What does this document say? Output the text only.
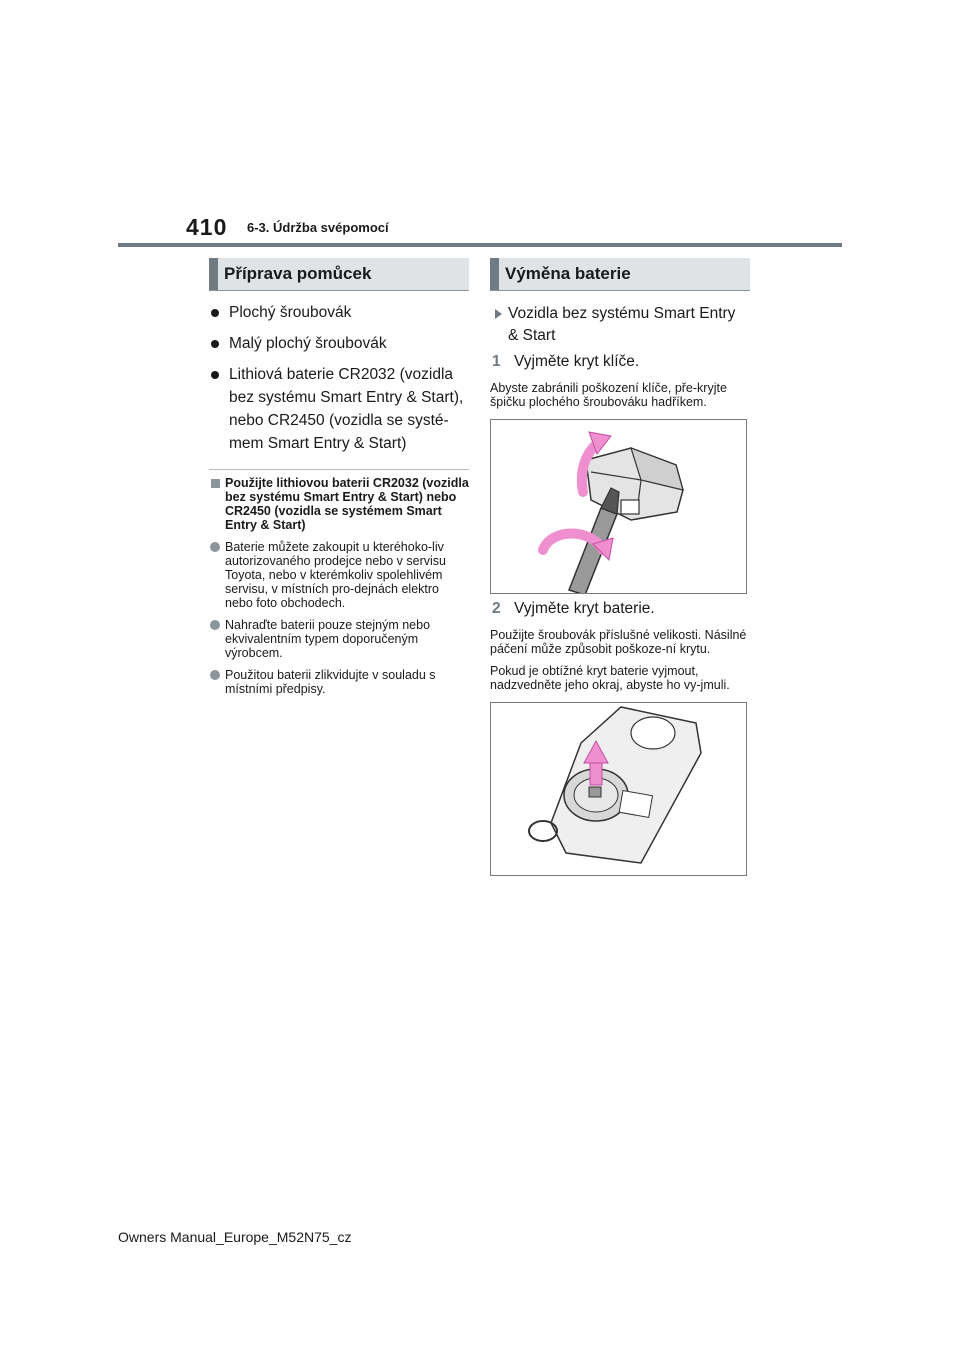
410 6-3. Údržba svépomocí
Příprava pomůcek
Plochý šroubovák
Malý plochý šroubovák
Lithiová baterie CR2032 (vozidla bez systému Smart Entry & Start), nebo CR2450 (vozidla se systé-mem Smart Entry & Start)
Použijte lithiovou baterii CR2032 (vozidla bez systému Smart Entry & Start) nebo CR2450 (vozidla se systémem Smart Entry & Start)
Baterie můžete zakoupit u kteréhoko-liv autorizovaného prodejce nebo v servisu Toyota, nebo v kterémkoliv spolehlivém servisu, v místních pro-dejnách elektro nebo foto obchodech.
Nahraďte baterii pouze stejným nebo ekvivalentním typem doporučeným výrobcem.
Použitou baterii zlikvidujte v souladu s místními předpisy.
Výměna baterie
Vozidla bez systému Smart Entry & Start
1 Vyjměte kryt klíče.
Abyste zabránili poškození klíče, pře-kryjte špičku plochého šroubováku hadříkem.
2 Vyjměte kryt baterie.
Použijte šroubovák příslušné velikosti. Násilné páčení může způsobit poškoze-ní krytu.
Pokud je obtížné kryt baterie vyjmout, nadzvedněte jeho okraj, abyste ho vy-jmuli.
Owners Manual_Europe_M52N75_cz
